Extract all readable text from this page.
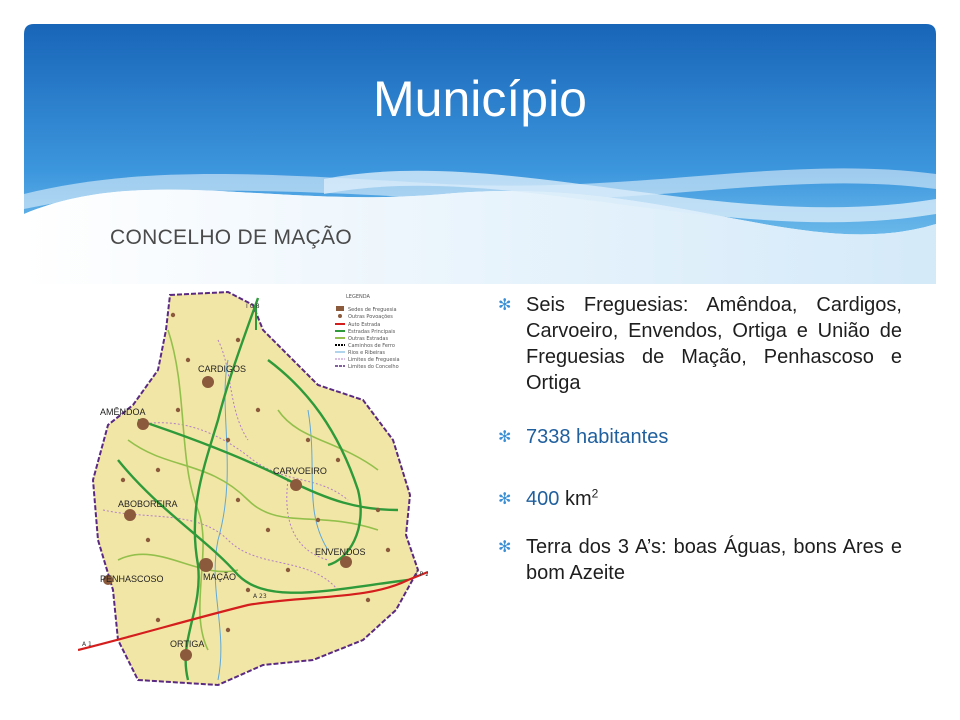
Município
CONCELHO DE MAÇÃO
CARDIGOS
AMÊNDOA
CARVOEIRO
ABOBOREIRA
PENHASCOSO	MAÇÃO
ENVENDOS
ORTIGA
I C 8
I P 2
A 23
A 1
LEGENDA
Sedes de Freguesia
Outras Povoações
Auto Estrada
Estradas Principais
Outras Estradas
Caminhos de Ferro
Rios e Ribeiras
Limites de Freguesia
Limites do Concelho
✻ Seis Freguesias: Amêndoa, Cardigos, Carvoeiro, Envendos, Ortiga e União de Freguesias de Mação, Penhascoso e Ortiga
✻ 7338 habitantes
✻ 400 $km^2$
✻ Terra dos 3 A’s: boas Águas, bons Ares e bom Azeite
